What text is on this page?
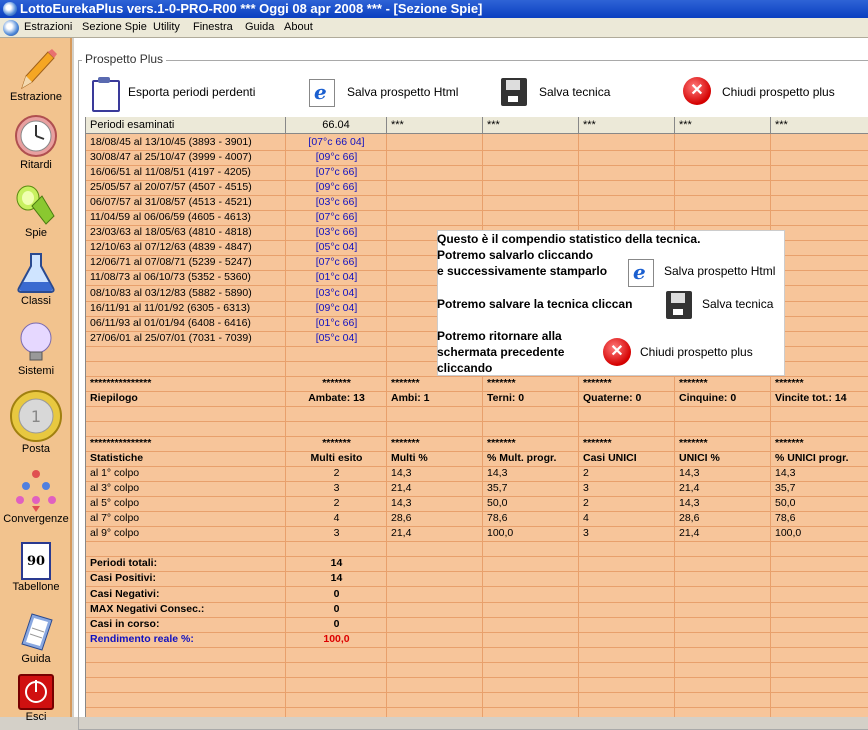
LottoEurekaPlus vers.1-0-PRO-R00 *** Oggi 08 apr 2008 *** - [Sezione Spie]
Estrazioni Sezione Spie Utility Finestra Guida About
Estrazione
Ritardi
Spie
Classi
Sistemi
1
Posta
Convergenze
90
Tabellone
Guida
Esci
Prospetto Plus
Esporta periodi perdenti e	Salva prospetto Html	Salva tecnica ✕	Chiudi prospetto plus
Periodi esaminati	66.04	***	***	***	***	***
18/08/45 al 13/10/45 (3893 - 3901)	[07°c 66 04]
30/08/47 al 25/10/47 (3999 - 4007)	[09°c 66]
16/06/51 al 11/08/51 (4197 - 4205)	[07°c 66]
25/05/57 al 20/07/57 (4507 - 4515)	[09°c 66]
06/07/57 al 31/08/57 (4513 - 4521)	[03°c 66]
11/04/59 al 06/06/59 (4605 - 4613)	[07°c 66]
23/03/63 al 18/05/63 (4810 - 4818)	[03°c 66]
12/10/63 al 07/12/63 (4839 - 4847)	[05°c 04]
12/06/71 al 07/08/71 (5239 - 5247)	[07°c 66]
11/08/73 al 06/10/73 (5352 - 5360)	[01°c 04]
08/10/83 al 03/12/83 (5882 - 5890)	[03°c 04]
16/11/91 al 11/01/92 (6305 - 6313)	[09°c 04]
06/11/93 al 01/01/94 (6408 - 6416)	[01°c 66]
27/06/01 al 25/07/01 (7031 - 7039)	[05°c 04]
***************	*******	*******	*******	*******	*******	*******
Riepilogo	Ambate: 13	Ambi: 1	Terni: 0	Quaterne: 0	Cinquine: 0	Vincite tot.: 14
***************	*******	*******	*******	*******	*******	*******
Statistiche	Multi esito	Multi %	% Mult. progr.	Casi UNICI	UNICI %	% UNICI progr.
al 1° colpo	2	14,3	14,3	2	14,3	14,3
al 3° colpo	3	21,4	35,7	3	21,4	35,7
al 5° colpo	2	14,3	50,0	2	14,3	50,0
al 7° colpo	4	28,6	78,6	4	28,6	78,6
al 9° colpo	3	21,4	100,0	3	21,4	100,0
Periodi totali:	14
Casi Positivi:	14
Casi Negativi:	0
MAX Negativi Consec.:	0
Casi in corso:	0
Rendimento reale %:	100,0
Questo è il compendio statistico della tecnica.
Potremo salvarlo cliccando
e successivamente stamparlo e	Salva prospetto Html
Potremo salvare la tecnica cliccan	Salva tecnica
Potremo ritornare alla
schermata precedente
cliccando
✕
Chiudi prospetto plus
